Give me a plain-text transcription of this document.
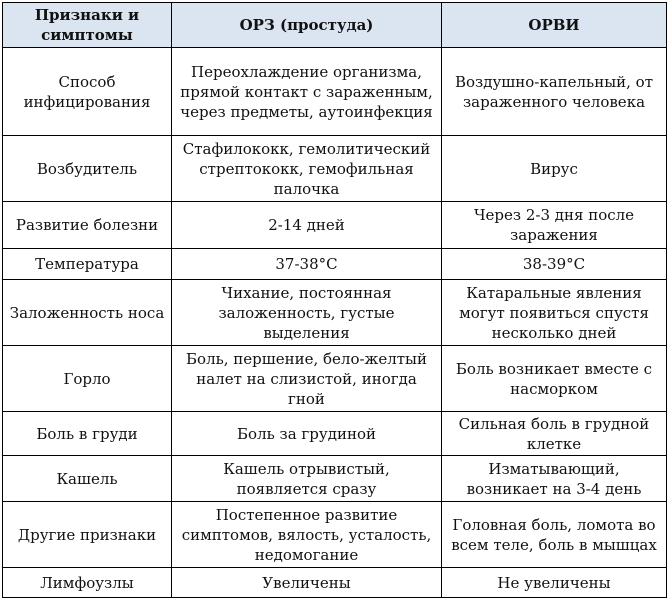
Признаки и симптомы	ОРЗ (простуда)	ОРВИ
Способ инфицирования	Переохлаждение организма, прямой контакт с зараженным, через предметы, аутоинфекция	Воздушно-капельный, от зараженного человека
Возбудитель	Стафилококк, гемолитический стрептококк, гемофильная палочка	Вирус
Развитие болезни	2-14 дней	Через 2-3 дня после заражения
Температура	37-38°C	38-39°C
Заложенность носа	Чихание, постоянная заложенность, густые выделения	Катаральные явления могут появиться спустя несколько дней
Горло	Боль, першение, бело-желтый налет на слизистой, иногда гной	Боль возникает вместе с насморком
Боль в груди	Боль за грудиной	Сильная боль в грудной клетке
Кашель	Кашель отрывистый, появляется сразу	Изматывающий, возникает на 3-4 день
Другие признаки	Постепенное развитие симптомов, вялость, усталость, недомогание	Головная боль, ломота во всем теле, боль в мышцах
Лимфоузлы	Увеличены	Не увеличены
